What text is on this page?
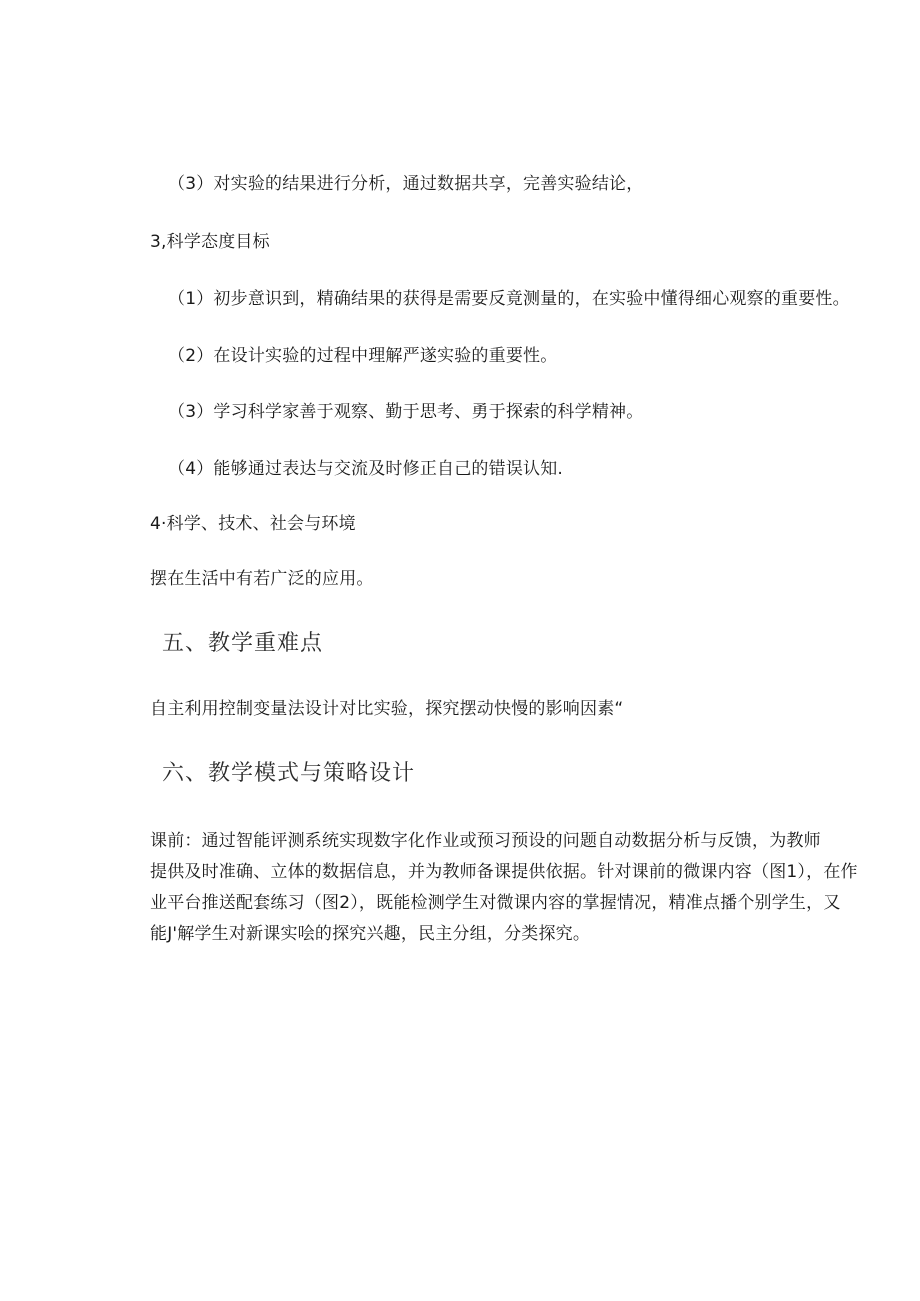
（3）对实验的结果进行分析，通过数据共享，完善实验结论，
3,科学态度目标
（1）初步意识到，精确结果的获得是需要反竟测量的，在实验中懂得细心观察的重要性。
（2）在设计实验的过程中理解严遂实验的重要性。
（3）学习科学家善于观察、勤于思考、勇于探索的科学精神。
（4）能够通过表达与交流及时修正自己的错误认知.
4·科学、技术、社会与环境
摆在生活中有若广泛的应用。
五、教学重难点
自主利用控制变量法设计对比实验，探究摆动快慢的影响因素“
六、教学模式与策略设计
课前：通过智能评测系统实现数字化作业或预习预设的问题自动数据分析与反馈，为教师
提供及时准确、立体的数据信息，并为教师备课提供依据。针对课前的微课内容（图1），在作
业平台推送配套练习（图2），既能检测学生对微课内容的掌握情况，精准点播个别学生，又
能J'解学生对新课实哙的探究兴趣，民主分组，分类探究。
